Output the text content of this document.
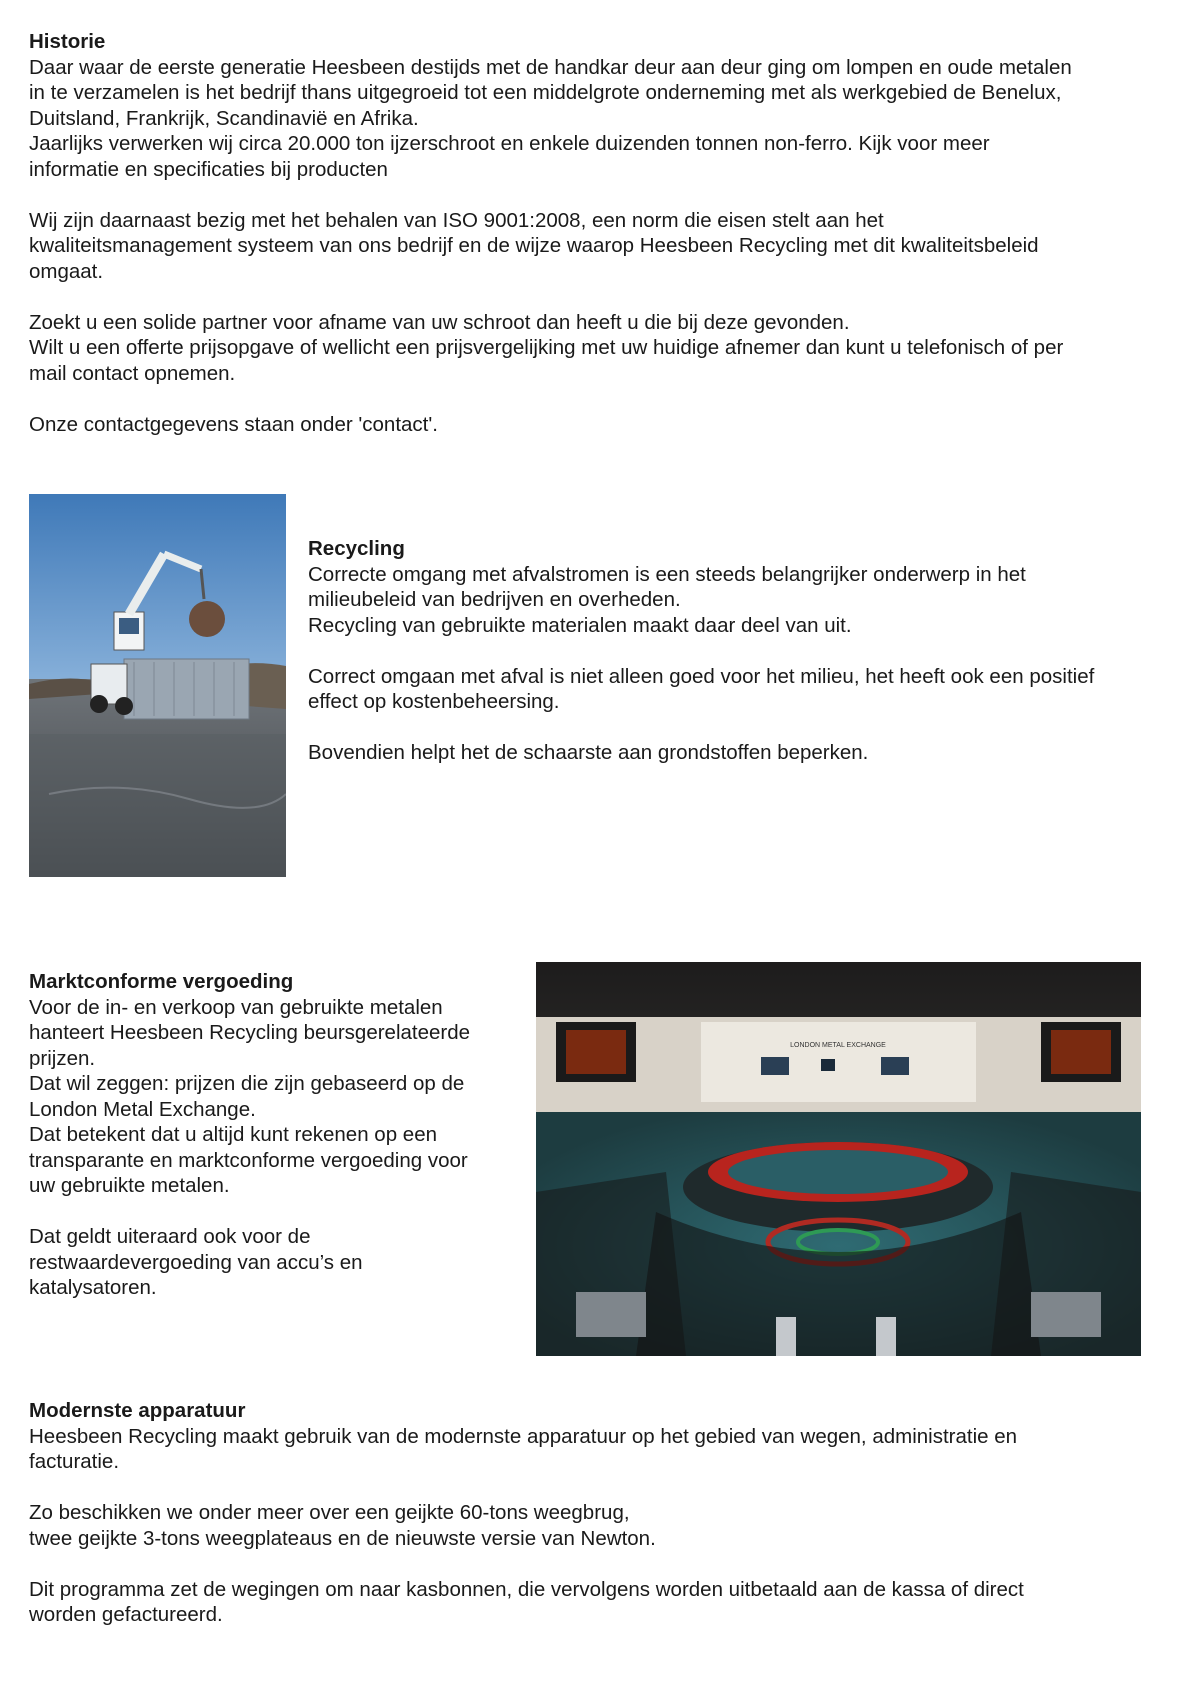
Historie

Daar waar de eerste generatie Heesbeen destijds met de handkar deur aan deur ging om lompen en oude metalen

in te verzamelen is het bedrijf thans uitgegroeid tot een middelgrote onderneming met als werkgebied de Benelux,

Duitsland, Frankrijk, Scandinavië en Afrika.

Jaarlijks verwerken wij circa 20.000 ton ijzerschroot en enkele duizenden tonnen non-ferro. Kijk voor meer

informatie en specificaties bij producten

Wij zijn daarnaast bezig met het behalen van ISO 9001:2008, een norm die eisen stelt aan het

kwaliteitsmanagement systeem van ons bedrijf en de wijze waarop Heesbeen Recycling met dit kwaliteitsbeleid

omgaat.

Zoekt u een solide partner voor afname van uw schroot dan heeft u die bij deze gevonden.

Wilt u een offerte prijsopgave of wellicht een prijsvergelijking met uw huidige afnemer dan kunt u telefonisch of per

mail contact opnemen.

Onze contactgegevens staan onder 'contact'.

Recycling

Correcte omgang met afvalstromen is een steeds belangrijker onderwerp in het

milieubeleid van bedrijven en overheden.

Recycling van gebruikte materialen maakt daar deel van uit.

Correct omgaan met afval is niet alleen goed voor het milieu, het heeft ook een positief

effect op kostenbeheersing.

Bovendien helpt het de schaarste aan grondstoffen beperken.

Marktconforme vergoeding

Voor de in- en verkoop van gebruikte metalen

hanteert Heesbeen Recycling beursgerelateerde

prijzen.

Dat wil zeggen: prijzen die zijn gebaseerd op de

London Metal Exchange.

Dat betekent dat u altijd kunt rekenen op een

transparante en marktconforme vergoeding voor

uw gebruikte metalen.

Dat geldt uiteraard ook voor de

restwaardevergoeding van accu’s en

katalysatoren.

LONDON METAL EXCHANGE
Modernste apparatuur

Heesbeen Recycling maakt gebruik van de modernste apparatuur op het gebied van wegen, administratie en

facturatie.

Zo beschikken we onder meer over een geijkte 60-tons weegbrug,

twee geijkte 3-tons weegplateaus en de nieuwste versie van Newton.

Dit programma zet de wegingen om naar kasbonnen, die vervolgens worden uitbetaald aan de kassa of direct

worden gefactureerd.
